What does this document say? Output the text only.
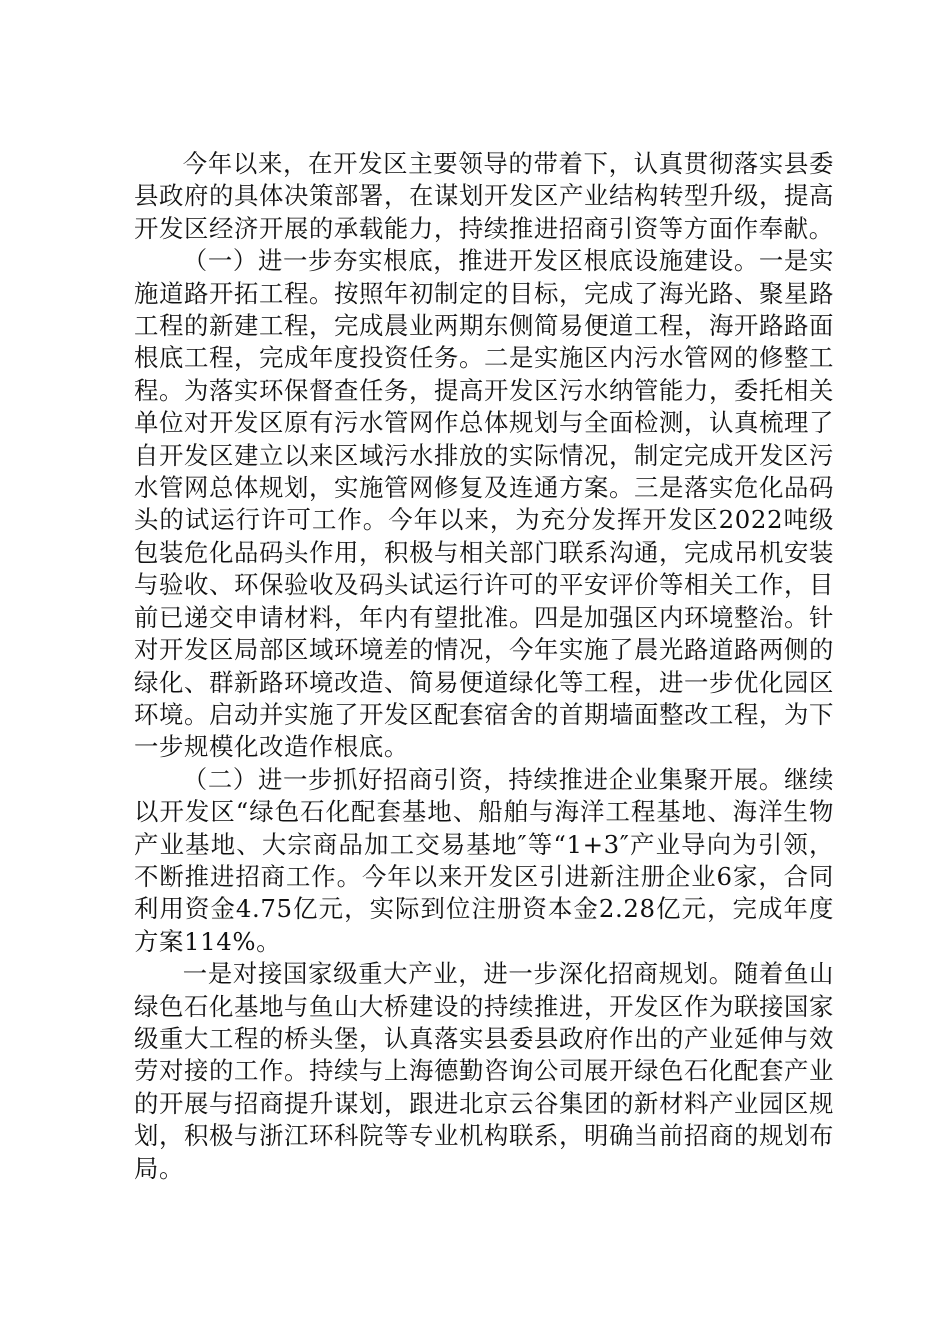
今年以来，在开发区主要领导的带着下，认真贯彻落实县委县政府的具体决策部署，在谋划开发区产业结构转型升级，提高开发区经济开展的承载能力，持续推进招商引资等方面作奉献。

（一）进一步夯实根底，推进开发区根底设施建设。一是实施道路开拓工程。按照年初制定的目标，完成了海光路、聚星路工程的新建工程，完成晨业两期东侧简易便道工程，海开路路面根底工程，完成年度投资任务。二是实施区内污水管网的修整工程。为落实环保督查任务，提高开发区污水纳管能力，委托相关单位对开发区原有污水管网作总体规划与全面检测，认真梳理了自开发区建立以来区域污水排放的实际情况，制定完成开发区污水管网总体规划，实施管网修复及连通方案。三是落实危化品码头的试运行许可工作。今年以来，为充分发挥开发区2022吨级包装危化品码头作用，积极与相关部门联系沟通，完成吊机安装与验收、环保验收及码头试运行许可的平安评价等相关工作，目前已递交申请材料，年内有望批准。四是加强区内环境整治。针对开发区局部区域环境差的情况，今年实施了晨光路道路两侧的绿化、群新路环境改造、简易便道绿化等工程，进一步优化园区环境。启动并实施了开发区配套宿舍的首期墙面整改工程，为下一步规模化改造作根底。

（二）进一步抓好招商引资，持续推进企业集聚开展。继续以开发区“绿色石化配套基地、船舶与海洋工程基地、海洋生物产业基地、大宗商品加工交易基地″等“1+3″产业导向为引领，不断推进招商工作。今年以来开发区引进新注册企业6家，合同利用资金4.75亿元，实际到位注册资本金2.28亿元，完成年度方案114%。

一是对接国家级重大产业，进一步深化招商规划。随着鱼山绿色石化基地与鱼山大桥建设的持续推进，开发区作为联接国家级重大工程的桥头堡，认真落实县委县政府作出的产业延伸与效劳对接的工作。持续与上海德勤咨询公司展开绿色石化配套产业的开展与招商提升谋划，跟进北京云谷集团的新材料产业园区规划，积极与浙江环科院等专业机构联系，明确当前招商的规划布局。
